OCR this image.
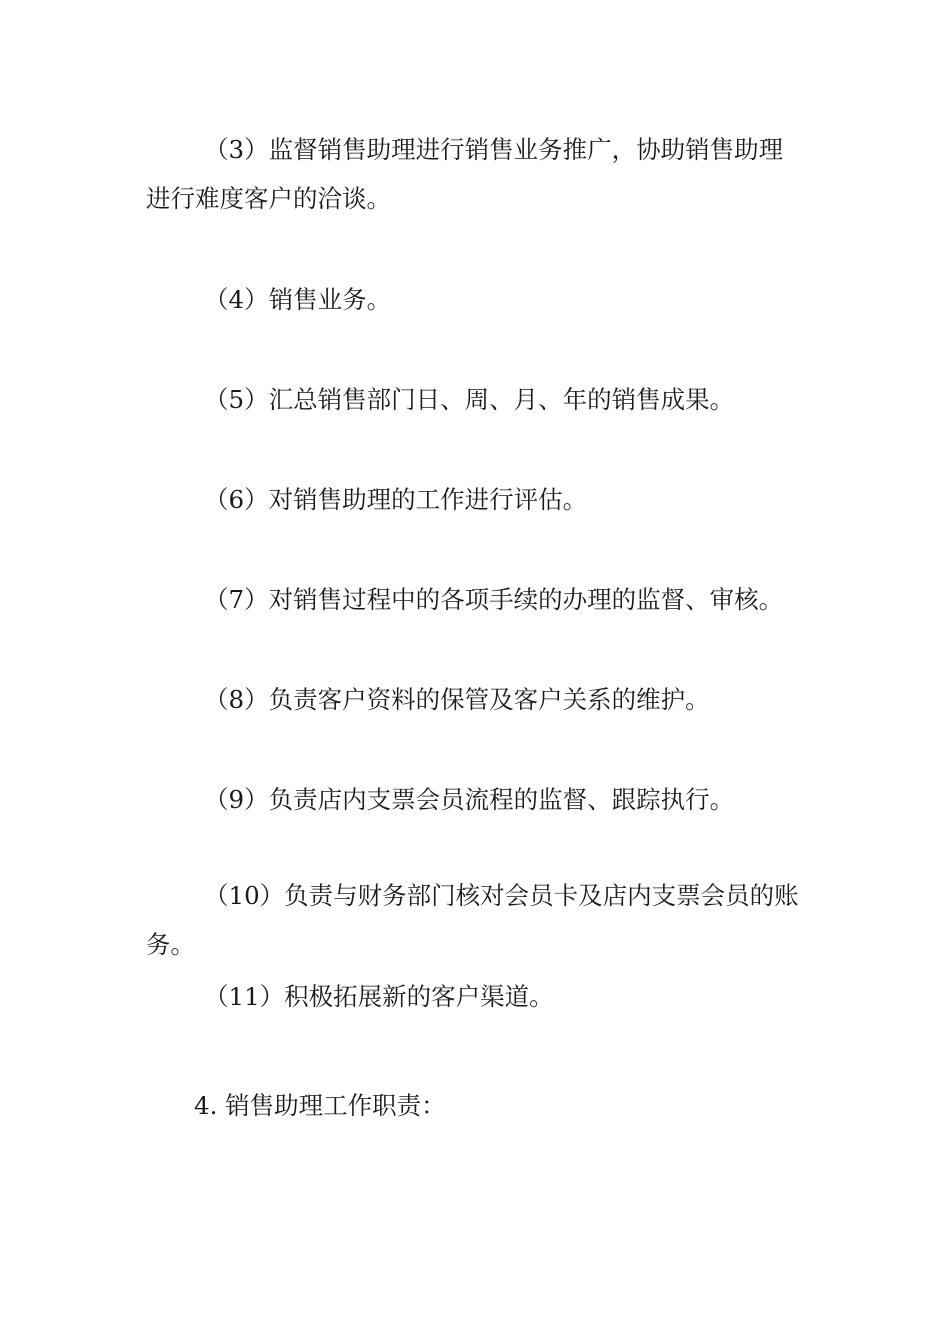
（3）监督销售助理进行销售业务推广，协助销售助理进行难度客户的洽谈。

（4）销售业务。

（5）汇总销售部门日、周、月、年的销售成果。

（6）对销售助理的工作进行评估。

（7）对销售过程中的各项手续的办理的监督、审核。

（8）负责客户资料的保管及客户关系的维护。

（9）负责店内支票会员流程的监督、跟踪执行。

（10）负责与财务部门核对会员卡及店内支票会员的账务。

（11）积极拓展新的客户渠道。

4. 销售助理工作职责：
